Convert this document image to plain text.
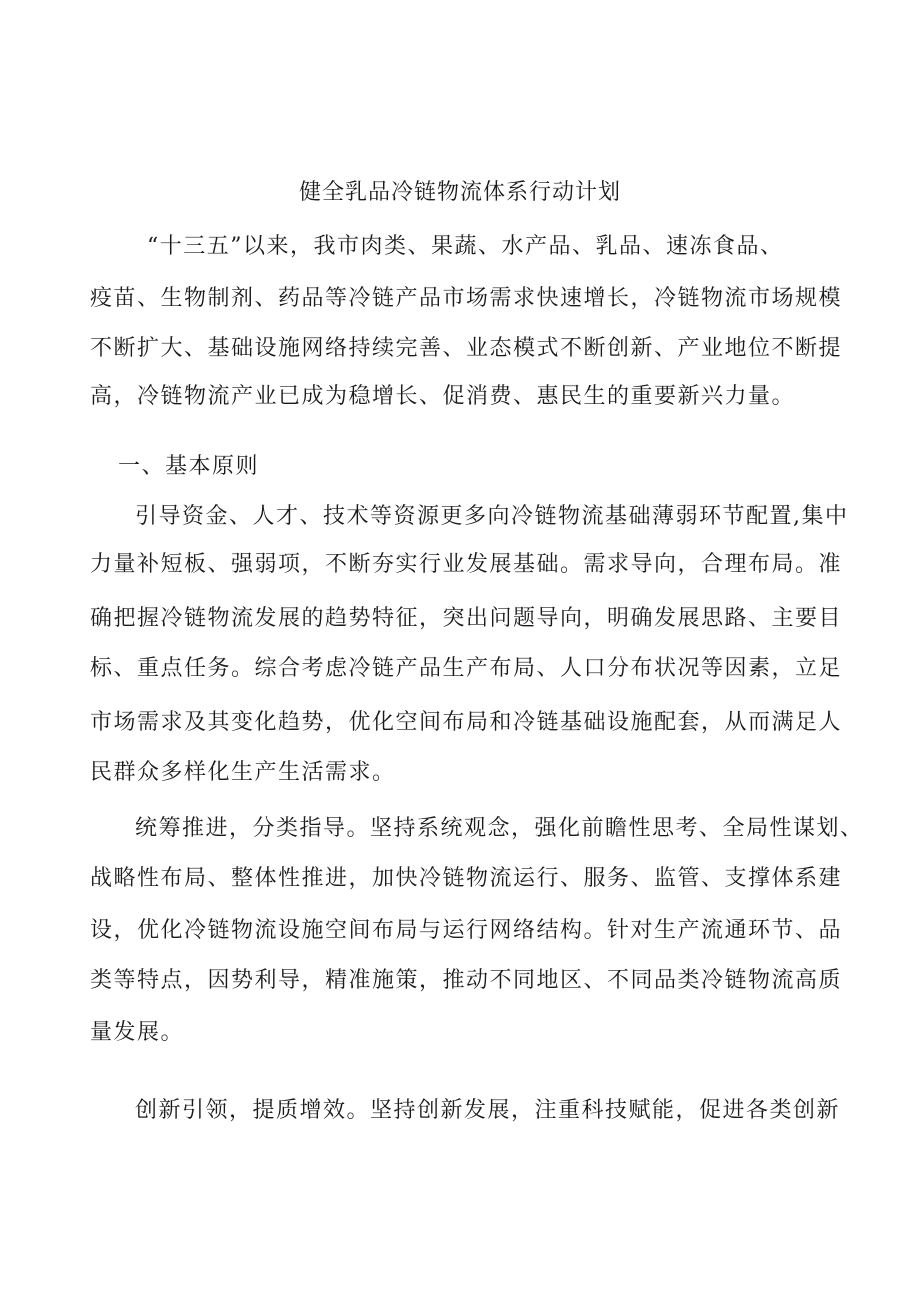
健全乳品冷链物流体系行动计划
“十三五”以来，我市肉类、果蔬、水产品、乳品、速冻食品、
疫苗、生物制剂、药品等冷链产品市场需求快速增长，冷链物流市场规模
不断扩大、基础设施网络持续完善、业态模式不断创新、产业地位不断提
高，冷链物流产业已成为稳增长、促消费、惠民生的重要新兴力量。
一、基本原则
引导资金、人才、技术等资源更多向冷链物流基础薄弱环节配置,集中
力量补短板、强弱项，不断夯实行业发展基础。需求导向，合理布局。准
确把握冷链物流发展的趋势特征，突出问题导向，明确发展思路、主要目
标、重点任务。综合考虑冷链产品生产布局、人口分布状况等因素，立足
市场需求及其变化趋势，优化空间布局和冷链基础设施配套，从而满足人
民群众多样化生产生活需求。
统筹推进，分类指导。坚持系统观念，强化前瞻性思考、全局性谋划、
战略性布局、整体性推进，加快冷链物流运行、服务、监管、支撑体系建
设，优化冷链物流设施空间布局与运行网络结构。针对生产流通环节、品
类等特点，因势利导，精准施策，推动不同地区、不同品类冷链物流高质
量发展。
创新引领，提质增效。坚持创新发展，注重科技赋能，促进各类创新
